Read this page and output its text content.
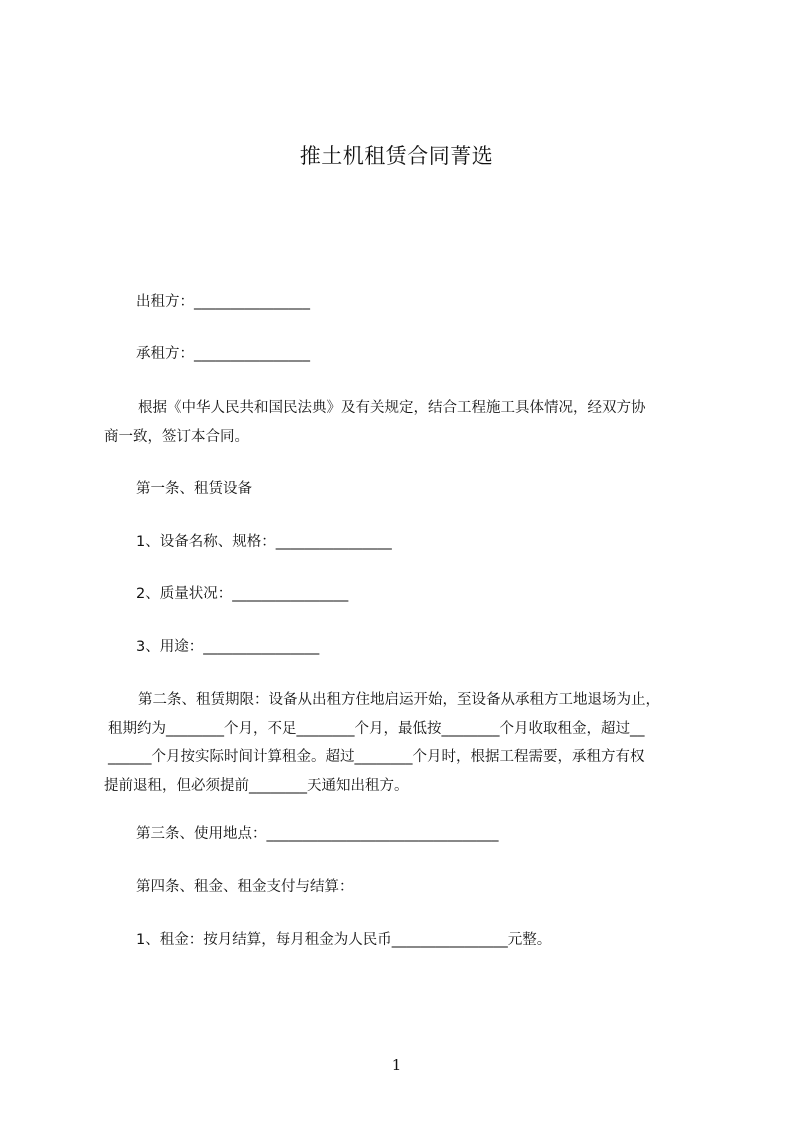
推土机租赁合同菁选
出租方：________________
承租方：________________
根据《中华人民共和国民法典》及有关规定，结合工程施工具体情况，经双方协
商一致，签订本合同。
第一条、租赁设备
1、设备名称、规格：________________
2、质量状况：________________
3、用途：________________
第二条、租赁期限：设备从出租方住地启运开始，至设备从承租方工地退场为止，
租期约为________个月，不足________个月，最低按________个月收取租金，超过__
______个月按实际时间计算租金。超过________个月时，根据工程需要，承租方有权
提前退租，但必须提前________天通知出租方。
第三条、使用地点：________________________________
第四条、租金、租金支付与结算：
1、租金：按月结算，每月租金为人民币________________元整。
1
